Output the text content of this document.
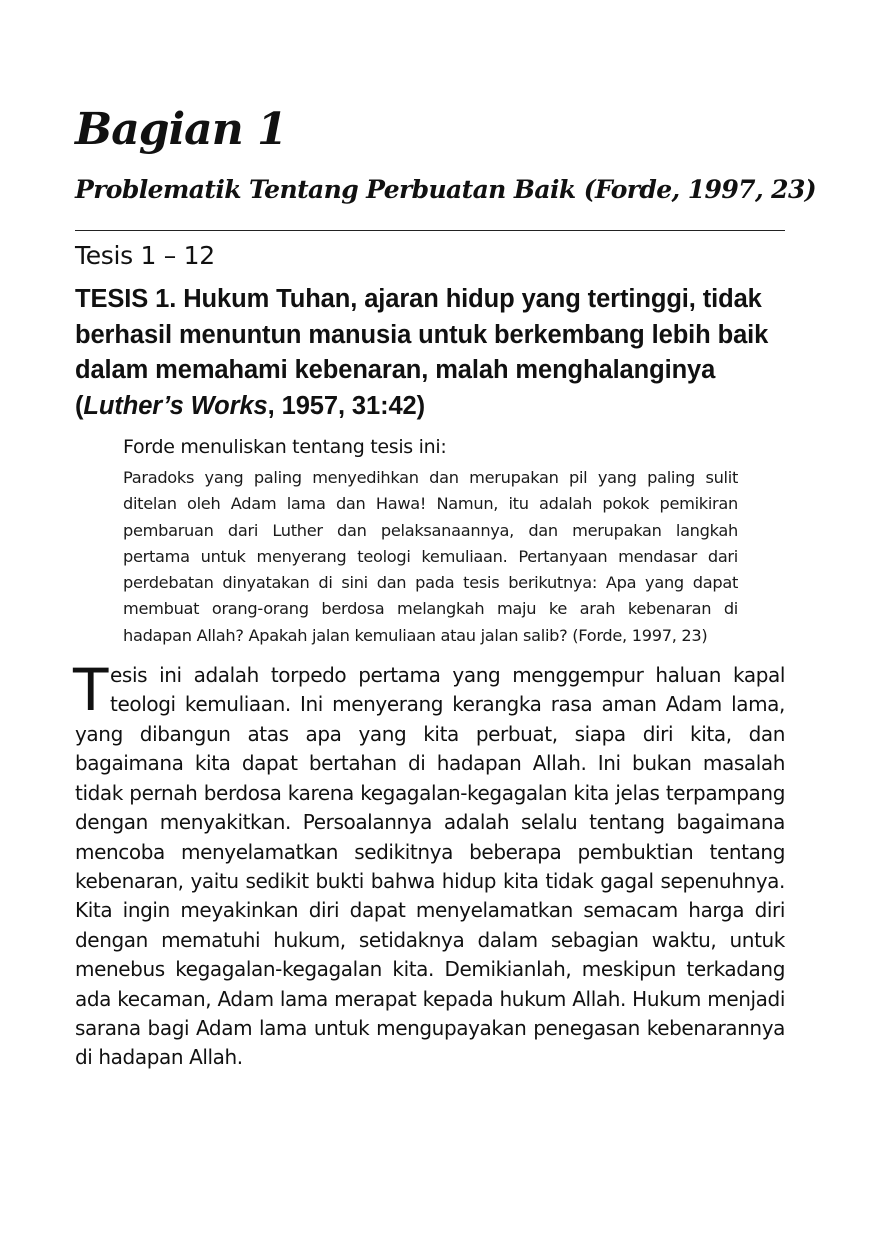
Bagian 1
Problematik Tentang Perbuatan Baik (Forde, 1997, 23)
Tesis 1 – 12
TESIS 1. Hukum Tuhan, ajaran hidup yang tertinggi, tidak berhasil menuntun manusia untuk berkembang lebih baik dalam memahami kebenaran, malah menghalanginya (Luther’s Works, 1957, 31:42)
Forde menuliskan tentang tesis ini:
Paradoks yang paling menyedihkan dan merupakan pil yang paling sulit ditelan oleh Adam lama dan Hawa! Namun, itu adalah pokok pemikiran pembaruan dari Luther dan pelaksanaannya, dan merupakan langkah pertama untuk menyerang teologi kemuliaan. Pertanyaan mendasar dari perdebatan dinyatakan di sini dan pada tesis berikutnya: Apa yang dapat membuat orang-orang berdosa melangkah maju ke arah kebenaran di hadapan Allah? Apakah jalan kemuliaan atau jalan salib? (Forde, 1997, 23)
Tesis ini adalah torpedo pertama yang menggempur haluan kapal teologi kemuliaan. Ini menyerang kerangka rasa aman Adam lama, yang dibangun atas apa yang kita perbuat, siapa diri kita, dan bagaimana kita dapat bertahan di hadapan Allah. Ini bukan masalah tidak pernah berdosa karena kegagalan-kegagalan kita jelas terpampang dengan menyakitkan. Persoalannya adalah selalu tentang bagaimana mencoba menyelamatkan sedikitnya beberapa pembuktian tentang kebenaran, yaitu sedikit bukti bahwa hidup kita tidak gagal sepenuhnya. Kita ingin meyakinkan diri dapat menyelamatkan semacam harga diri dengan mematuhi hukum, setidaknya dalam sebagian waktu, untuk menebus kegagalan-kegagalan kita. Demikianlah, meskipun terkadang ada kecaman, Adam lama merapat kepada hukum Allah. Hukum menjadi sarana bagi Adam lama untuk mengupayakan penegasan kebenarannya di hadapan Allah.
